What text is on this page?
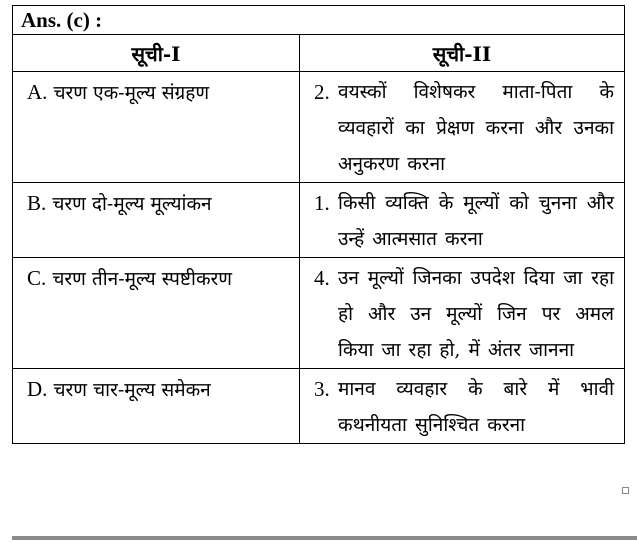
Ans. (c) :	
सूची-I	सूची-II
A. चरण एक-मूल्य संग्रहण	2. वयस्कों विशेषकर माता-पिता के व्यवहारों का प्रेक्षण करना और उनका अनुकरण करना

B. चरण दो-मूल्य मूल्यांकन	1. किसी व्यक्ति के मूल्यों को चुनना और उन्हें आत्मसात करना

C. चरण तीन-मूल्य स्पष्टीकरण	4. उन मूल्यों जिनका उपदेश दिया जा रहा हो और उन मूल्यों जिन पर अमल किया जा रहा हो, में अंतर जानना

D. चरण चार-मूल्य समेकन	3. मानव व्यवहार के बारे में भावी कथनीयता सुनिश्चित करना
